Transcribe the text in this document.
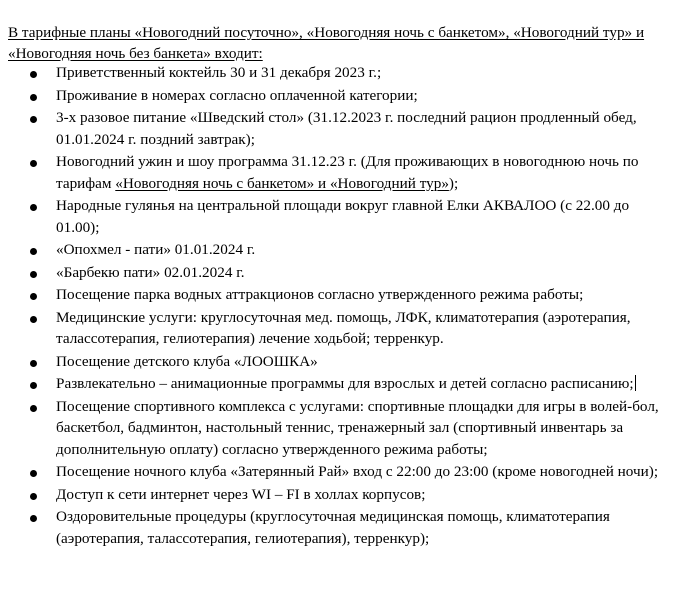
В тарифные планы «Новогодний посуточно», «Новогодняя ночь с банкетом», «Новогодний тур» и «Новогодняя ночь без банкета» входит:

Приветственный коктейль 30 и 31 декабря 2023 г.;
Проживание в номерах согласно оплаченной категории;
3-х разовое питание «Шведский стол» (31.12.2023 г. последний рацион продленный обед, 01.01.2024 г. поздний завтрак);
Новогодний ужин и шоу программа 31.12.23 г. (Для проживающих в новогоднюю ночь по тарифам «Новогодняя ночь с банкетом» и «Новогодний тур»);
Народные гулянья на центральной площади вокруг главной Елки АКВАЛОО (с 22.00 до 01.00);
«Опохмел - пати» 01.01.2024 г.
«Барбекю пати» 02.01.2024 г.
Посещение парка водных аттракционов согласно утвержденного режима работы;
Медицинские услуги: круглосуточная мед. помощь, ЛФК, климатотерапия (аэротерапия, талассотерапия, гелиотерапия) лечение ходьбой; терренкур.
Посещение детского клуба «ЛООШКА»
Развлекательно – анимационные программы для взрослых и детей согласно расписанию;
Посещение спортивного комплекса с услугами: спортивные площадки для игры в волей-бол, баскетбол, бадминтон, настольный теннис, тренажерный зал (спортивный инвентарь за дополнительную оплату) согласно утвержденного режима работы;
Посещение ночного клуба «Затерянный Рай» вход с 22:00 до 23:00 (кроме новогодней ночи);
Доступ к сети интернет через WI – FI в холлах корпусов;
Оздоровительные процедуры (круглосуточная медицинская помощь, климатотерапия (аэротерапия, талассотерапия, гелиотерапия), терренкур);
